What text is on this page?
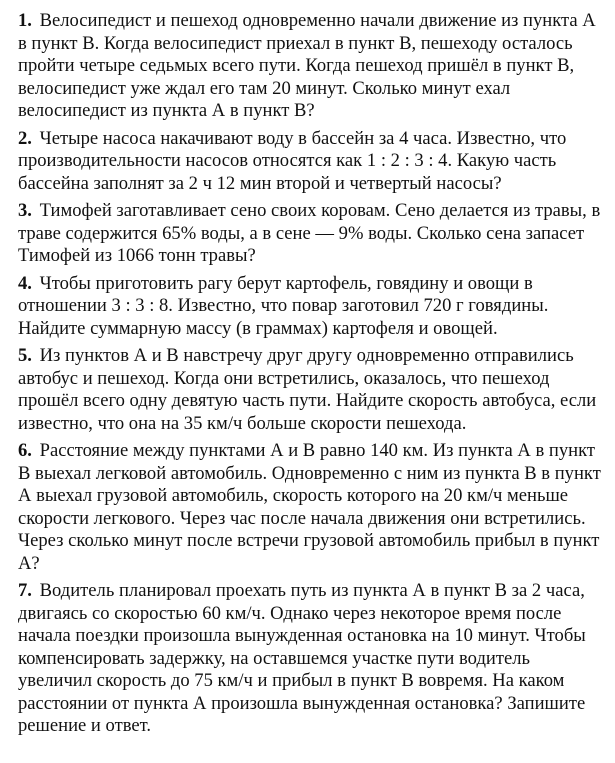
1. Велосипедист и пешеход одновременно начали движение из пункта А в пункт В. Когда велосипедист приехал в пункт В, пешеходу осталось пройти четыре седьмых всего пути. Когда пешеход пришёл в пункт В, велосипедист уже ждал его там 20 минут. Сколько минут ехал велосипедист из пункта А в пункт В?

2. Четыре насоса накачивают воду в бассейн за 4 часа. Известно, что производительности насосов относятся как 1 : 2 : 3 : 4. Какую часть бассейна заполнят за 2 ч 12 мин второй и четвертый насосы?

3. Тимофей заготавливает сено своих коровам. Сено делается из травы, в траве содержится 65% воды, а в сене — 9% воды. Сколько сена запасет Тимофей из 1066 тонн травы?

4. Чтобы приготовить рагу берут картофель, говядину и овощи в отношении 3 : 3 : 8. Известно, что повар заготовил 720 г говядины. Найдите суммарную массу (в граммах) картофеля и овощей.

5. Из пунктов А и В навстречу друг другу одновременно отправились автобус и пешеход. Когда они встретились, оказалось, что пешеход прошёл всего одну девятую часть пути. Найдите скорость автобуса, если известно, что она на 35 км/ч больше скорости пешехода.

6. Расстояние между пунктами А и В равно 140 км. Из пункта А в пункт В выехал легковой автомобиль. Одновременно с ним из пункта В в пункт А выехал грузовой автомобиль, скорость которого на 20 км/ч меньше скорости легкового. Через час после начала движения они встретились. Через сколько минут после встречи грузовой автомобиль прибыл в пункт А?

7. Водитель планировал проехать путь из пункта А в пункт В за 2 часа, двигаясь со скоростью 60 км/ч. Однако через некоторое время после начала поездки произошла вынужденная остановка на 10 минут. Чтобы компенсировать задержку, на оставшемся участке пути водитель увеличил скорость до 75 км/ч и прибыл в пункт В вовремя. На каком расстоянии от пункта А произошла вынужденная остановка? Запишите решение и ответ.
